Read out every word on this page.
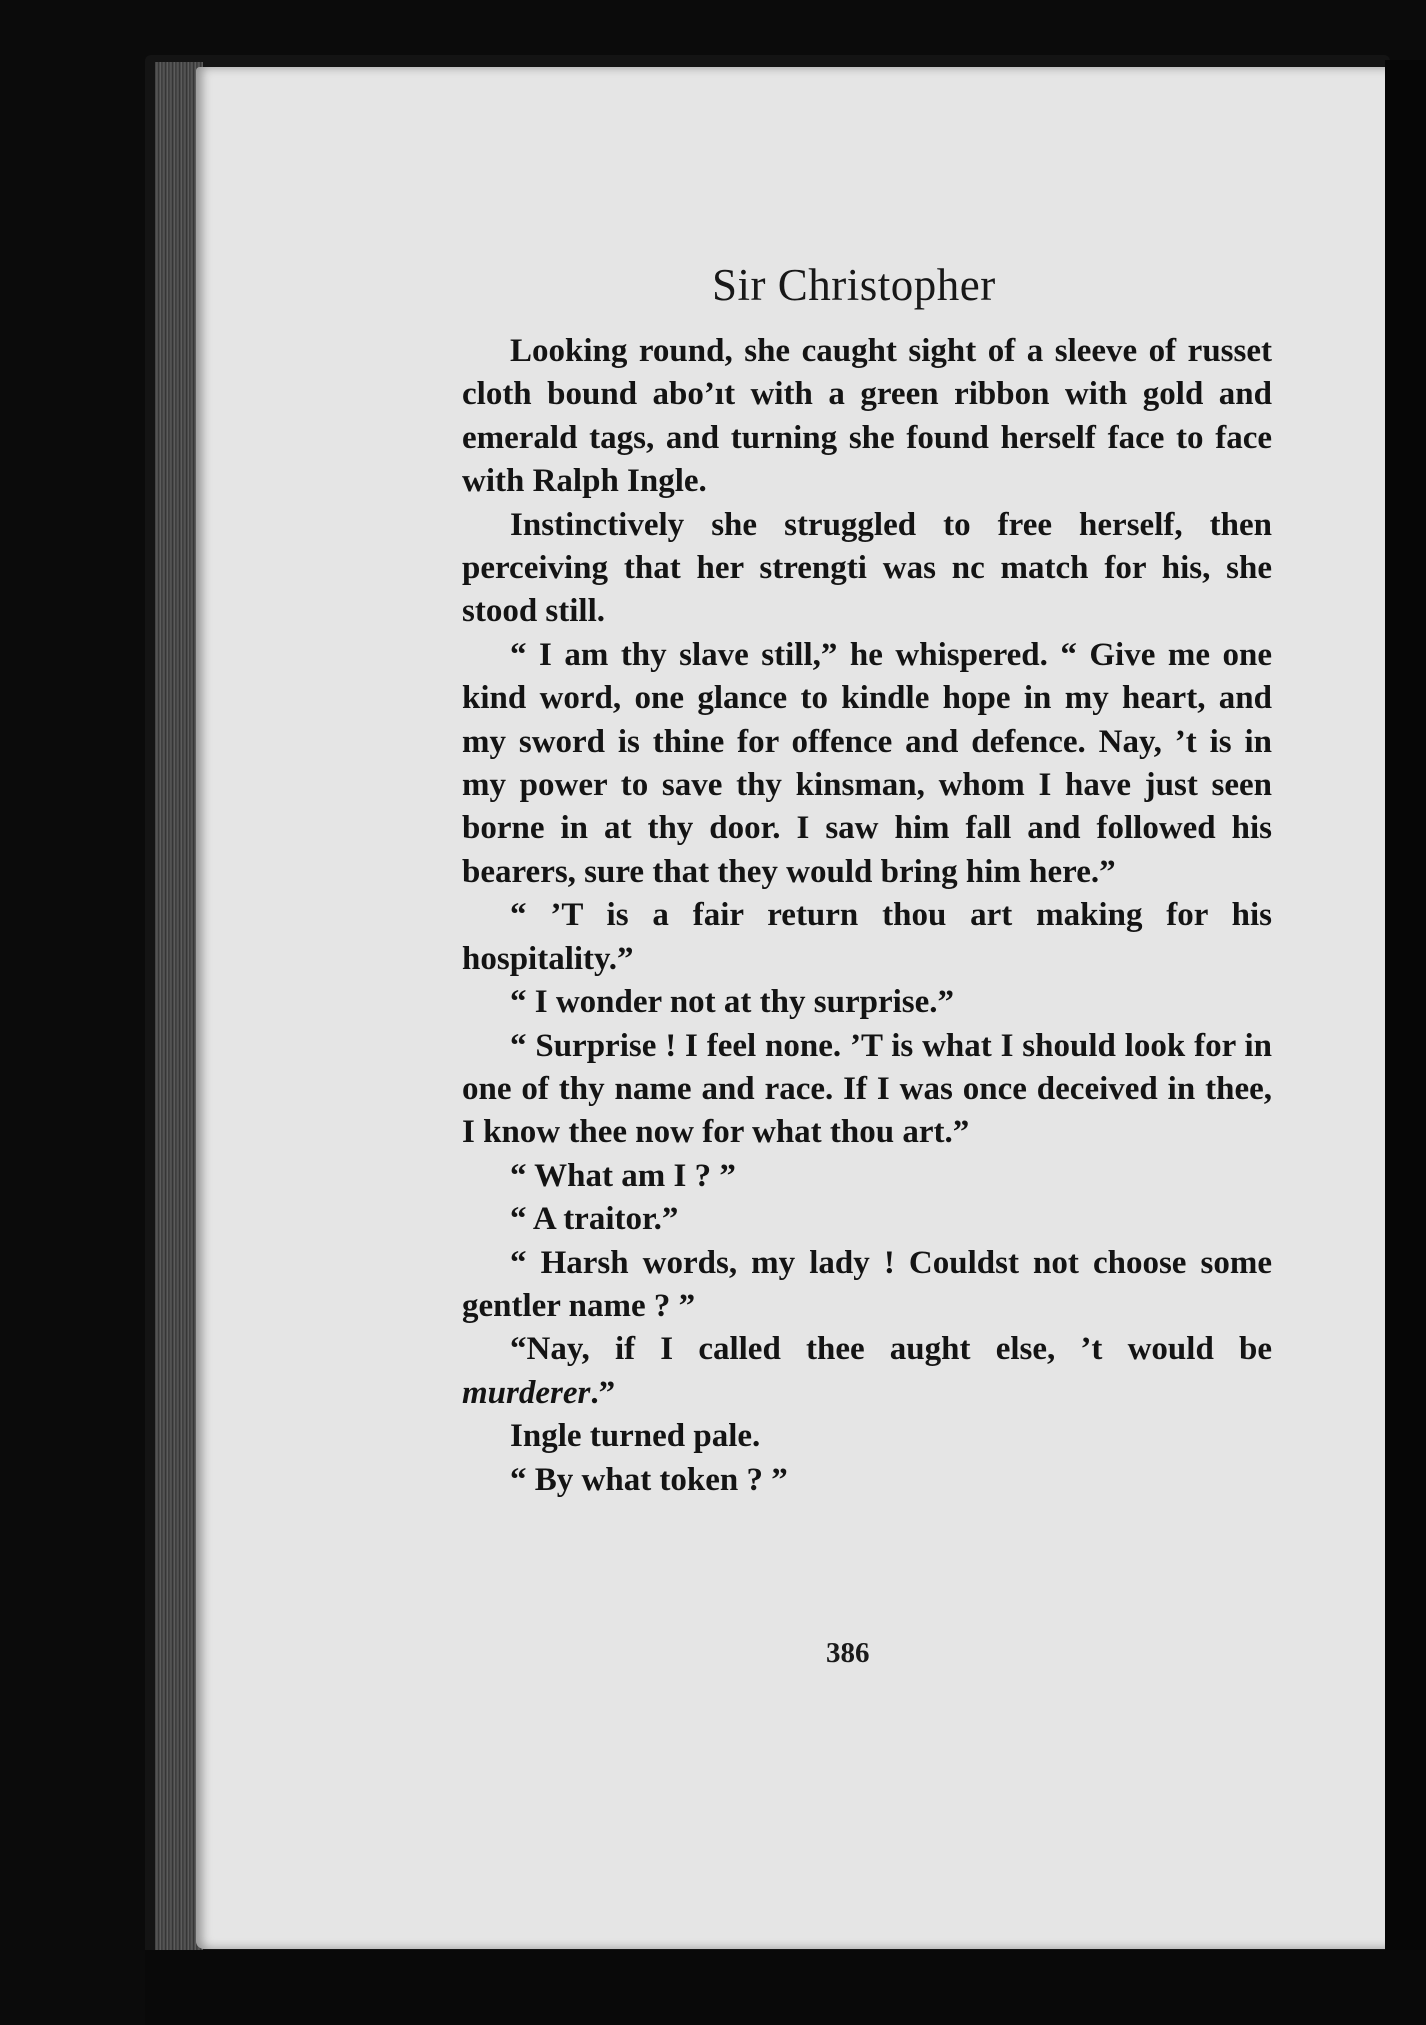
Sir Christopher

Looking round, she caught sight of a sleeve of russet cloth bound abo’ıt with a green ribbon with gold and emerald tags, and turning she found herself face to face with Ralph Ingle.

Instinctively she struggled to free herself, then perceiving that her strengti was nc match for his, she stood still.

“ I am thy slave still,” he whispered. “ Give me one kind word, one glance to kindle hope in my heart, and my sword is thine for offence and defence. Nay, ’t is in my power to save thy kinsman, whom I have just seen borne in at thy door. I saw him fall and followed his bearers, sure that they would bring him here.”

“ ’T is a fair return thou art making for his hospitality.”

“ I wonder not at thy surprise.”

“ Surprise ! I feel none. ’T is what I should look for in one of thy name and race. If I was once deceived in thee, I know thee now for what thou art.”

“ What am I ? ”

“ A traitor.”

“ Harsh words, my lady ! Couldst not choose some gentler name ? ”

“Nay, if I called thee aught else, ’t would be murderer.”

Ingle turned pale.

“ By what token ? ”

386
